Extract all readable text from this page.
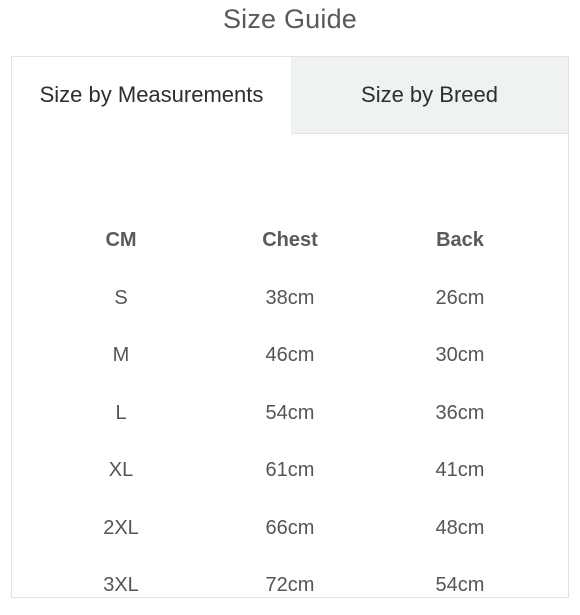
Size Guide
Size by Measurements	Size by Breed
CM	Chest	Back
S	38cm	26cm
M	46cm	30cm
L	54cm	36cm
XL	61cm	41cm
2XL	66cm	48cm
3XL	72cm	54cm
